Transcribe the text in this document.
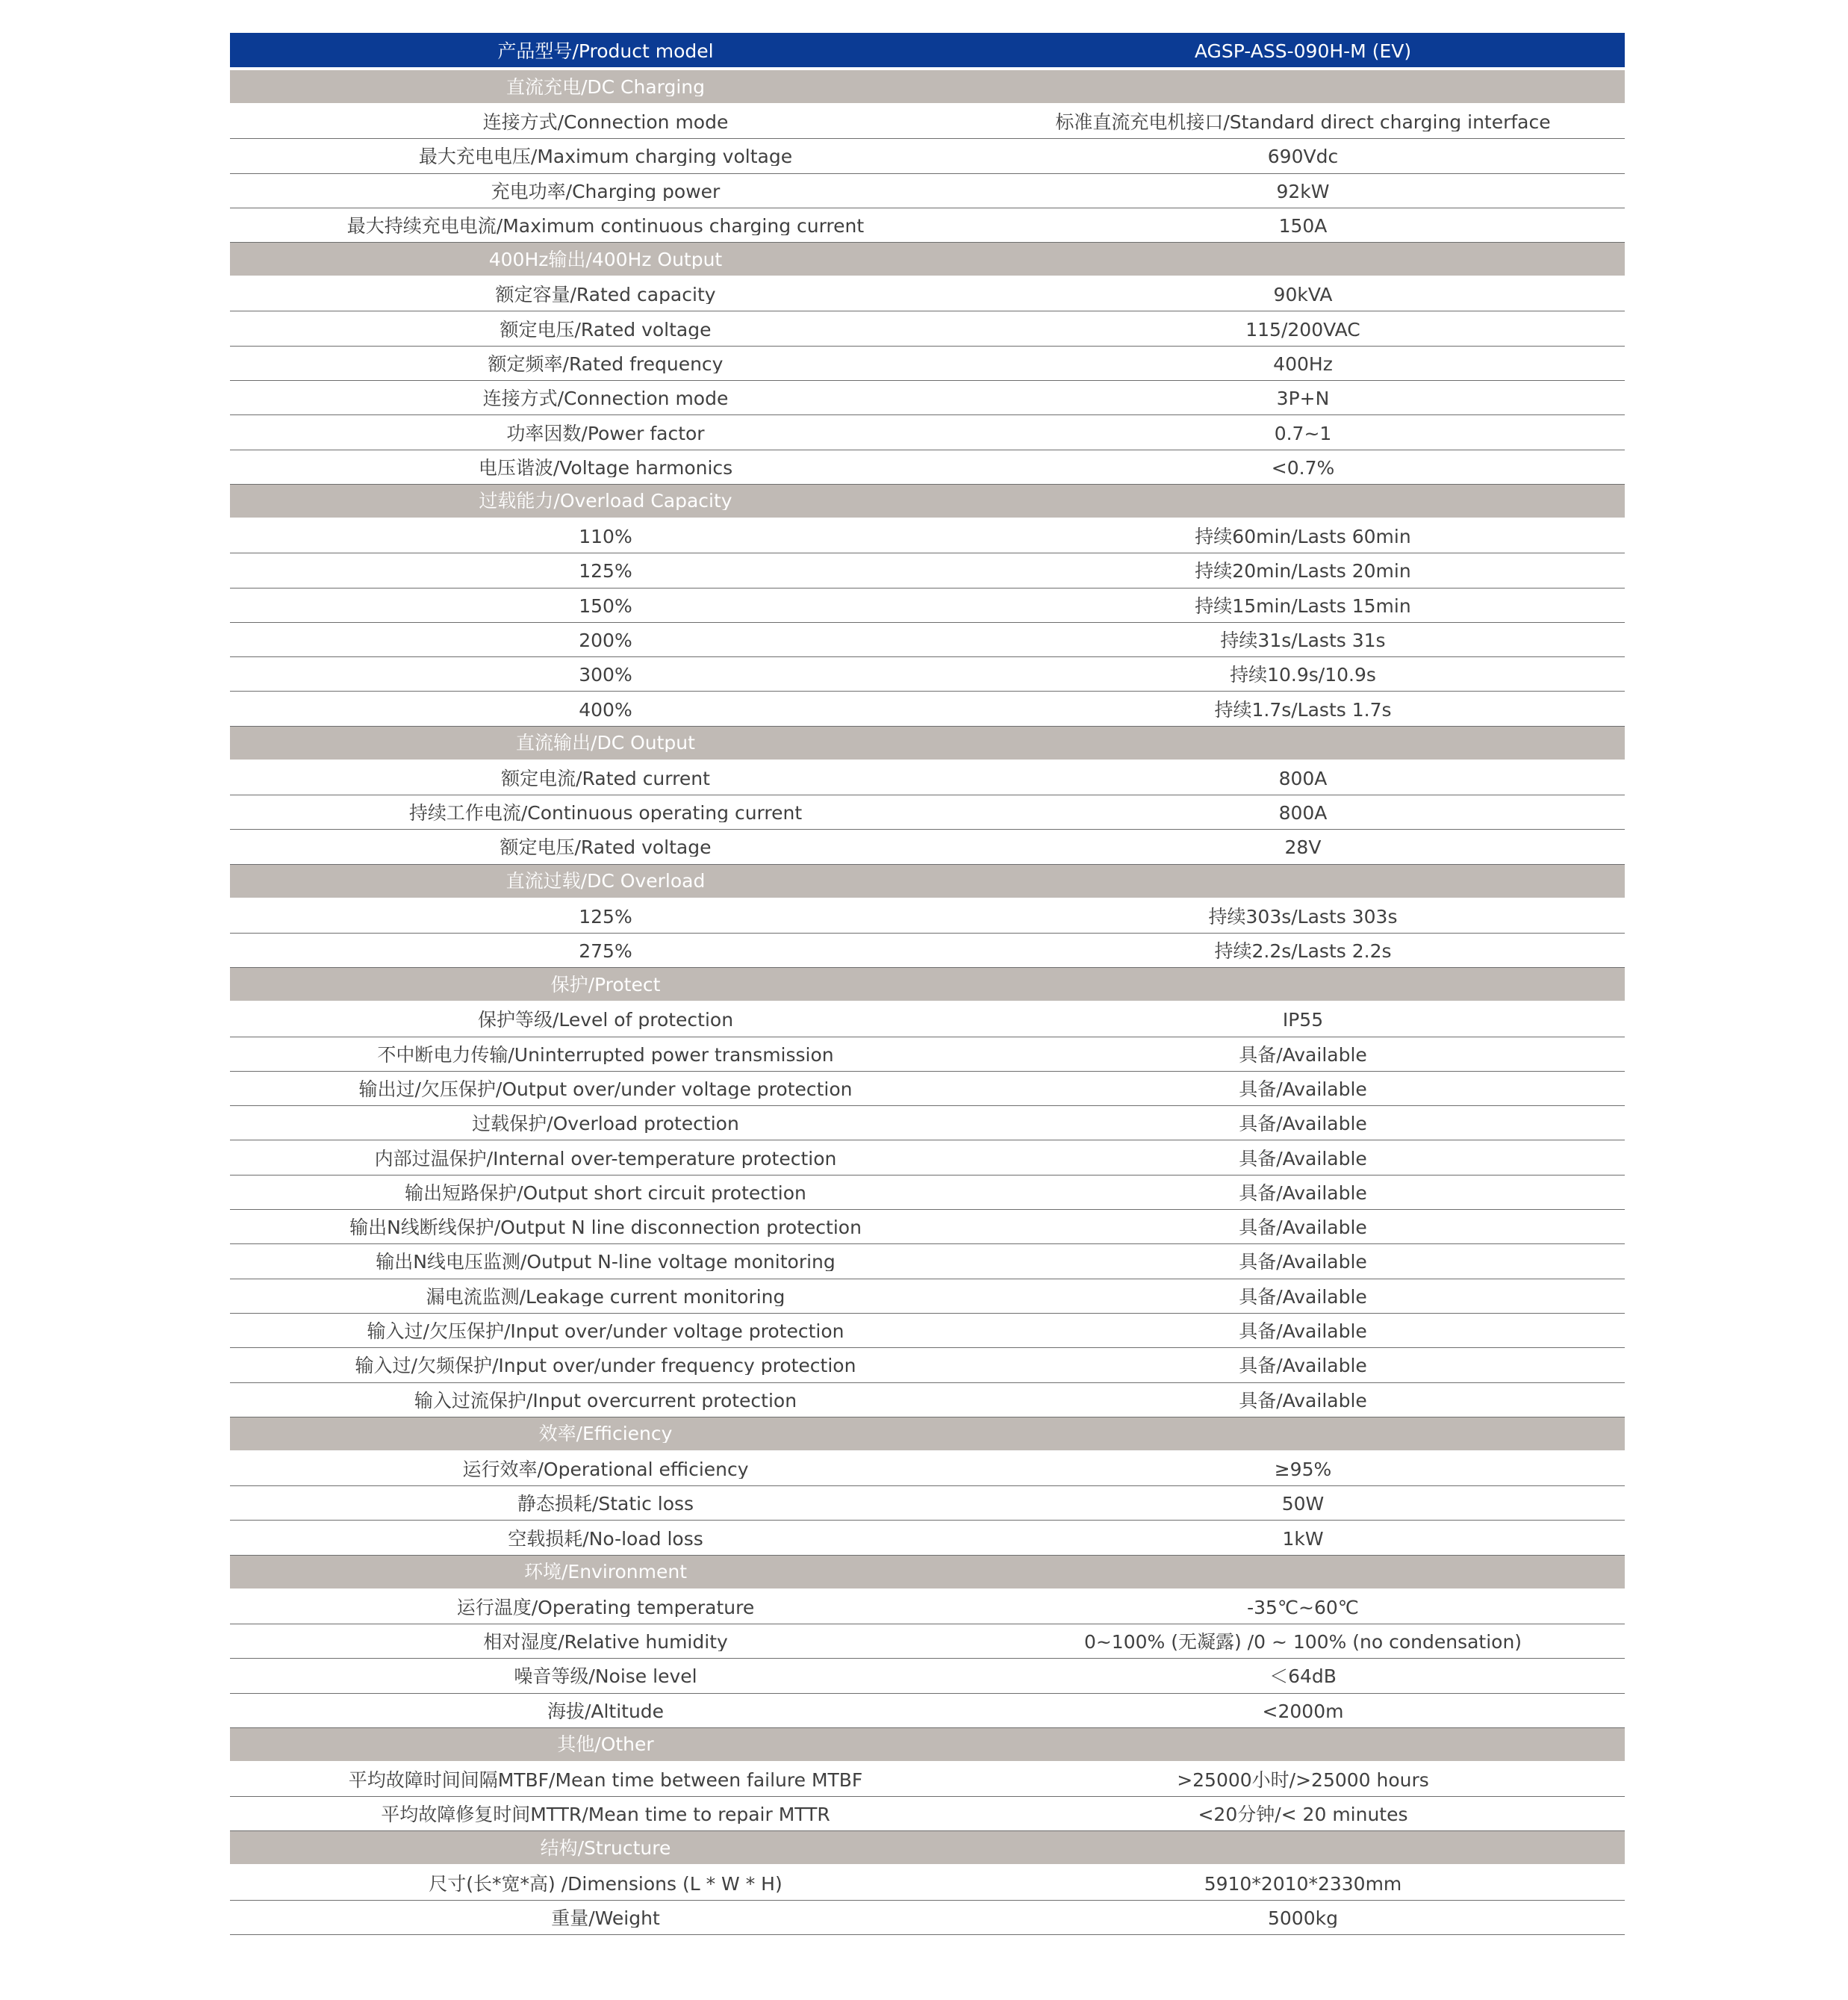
产品型号/Product model	AGSP-ASS-090H-M (EV)
直流充电/DC Charging
连接方式/Connection mode	标准直流充电机接口/Standard direct charging interface
最大充电电压/Maximum charging voltage	690Vdc
充电功率/Charging power	92kW
最大持续充电电流/Maximum continuous charging current	150A
400Hz输出/400Hz Output
额定容量/Rated capacity	90kVA
额定电压/Rated voltage	115/200VAC
额定频率/Rated frequency	400Hz
连接方式/Connection mode	3P+N
功率因数/Power factor	0.7~1
电压谐波/Voltage harmonics	<0.7%
过载能力/Overload Capacity
110%	持续60min/Lasts 60min
125%	持续20min/Lasts 20min
150%	持续15min/Lasts 15min
200%	持续31s/Lasts 31s
300%	持续10.9s/10.9s
400%	持续1.7s/Lasts 1.7s
直流输出/DC Output
额定电流/Rated current	800A
持续工作电流/Continuous operating current	800A
额定电压/Rated voltage	28V
直流过载/DC Overload
125%	持续303s/Lasts 303s
275%	持续2.2s/Lasts 2.2s
保护/Protect
保护等级/Level of protection	IP55
不中断电力传输/Uninterrupted power transmission	具备/Available
输出过/欠压保护/Output over/under voltage protection	具备/Available
过载保护/Overload protection	具备/Available
内部过温保护/Internal over-temperature protection	具备/Available
输出短路保护/Output short circuit protection	具备/Available
输出N线断线保护/Output N line disconnection protection	具备/Available
输出N线电压监测/Output N-line voltage monitoring	具备/Available
漏电流监测/Leakage current monitoring	具备/Available
输入过/欠压保护/Input over/under voltage protection	具备/Available
输入过/欠频保护/Input over/under frequency protection	具备/Available
输入过流保护/Input overcurrent protection	具备/Available
效率/Efficiency
运行效率/Operational efficiency	≥95%
静态损耗/Static loss	50W
空载损耗/No-load loss	1kW
环境/Environment
运行温度/Operating temperature	-35℃~60℃
相对湿度/Relative humidity	0~100% (无凝露) /0 ~ 100% (no condensation)
噪音等级/Noise level	＜64dB
海拔/Altitude	<2000m
其他/Other
平均故障时间间隔MTBF/Mean time between failure MTBF	>25000小时/>25000 hours
平均故障修复时间MTTR/Mean time to repair MTTR	<20分钟/< 20 minutes
结构/Structure
尺寸(长*宽*高) /Dimensions (L * W * H)	5910*2010*2330mm
重量/Weight	5000kg
